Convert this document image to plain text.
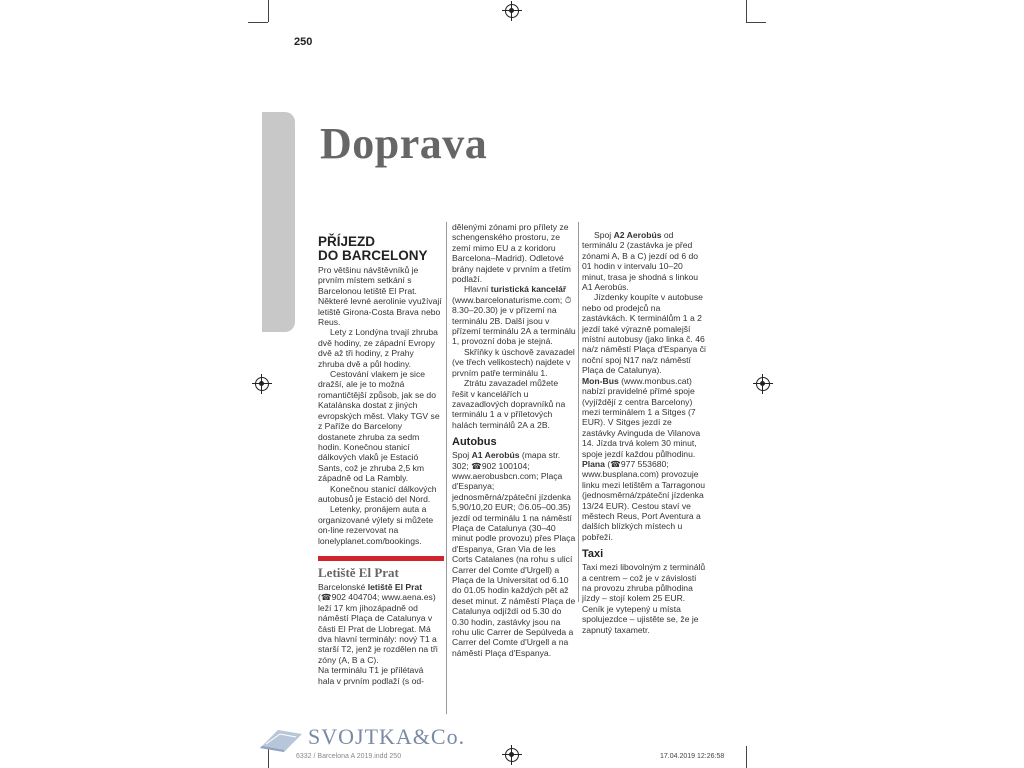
250
Doprava
PŘÍJEZD
DO BARCELONY

Pro většinu návštěvníků je prvním místem setkání s Barcelonou letiště El Prat. Některé levné aerolinie využívají letiště Girona-Costa Brava nebo Reus.

Lety z Londýna trvají zhruba dvě hodiny, ze západní Evropy dvě až tři hodiny, z Prahy zhruba dvě a půl hodiny.

Cestování vlakem je sice dražší, ale je to možná romantičtější způsob, jak se do Katalánska dostat z jiných evropských měst. Vlaky TGV se z Paříže do Barcelony dostanete zhruba za sedm hodin. Konečnou stanicí dálkových vlaků je Estació Sants, což je zhruba 2,5 km západně od La Rambly.

Konečnou stanicí dálkových autobusů je Estació del Nord.

Letenky, pronájem auta a organizované výlety si můžete on-line rezervovat na lonelyplanet.com/bookings.

Letiště El Prat

Barcelonské letiště El Prat (☎902 404704; www.aena.es) leží 17 km jihozápadně od náměstí Plaça de Catalunya v části El Prat de Llobregat. Má dva hlavní terminály: nový T1 a starší T2, jenž je rozdělen na tři zóny (A, B a C).

Na terminálu T1 je přílétavá hala v prvním podlaží (s od-

dělenými zónami pro přílety ze schengenského prostoru, ze zemí mimo EU a z koridoru Barcelona–Madrid). Odletové brány najdete v prvním a třetím podlaží.

Hlavní turistická kancelář (www.barcelonaturisme.com; ⏱8.30–20.30) je v přízemí na terminálu 2B. Další jsou v přízemí terminálu 2A a terminálu 1, provozní doba je stejná.

Skříňky k úschově zavazadel (ve třech velikostech) najdete v prvním patře terminálu 1.

Ztrátu zavazadel můžete řešit v kancelářích u zavazadlových dopravníků na terminálu 1 a v příletových halách terminálů 2A a 2B.

Autobus

Spoj A1 Aerobús (mapa str. 302; ☎902 100104; www.aerobusbcn.com; Plaça d'Espanya; jednosměrná/zpáteční jízdenka 5,90/10,20 EUR; ⏱6.05–00.35) jezdí od terminálu 1 na náměstí Plaça de Catalunya (30–40 minut podle provozu) přes Plaça d'Espanya, Gran Via de les Corts Catalanes (na rohu s ulicí Carrer del Comte d'Urgell) a Plaça de la Universitat od 6.10 do 01.05 hodin každých pět až deset minut. Z náměstí Plaça de Catalunya odjíždí od 5.30 do 0.30 hodin, zastávky jsou na rohu ulic Carrer de Sepúlveda a Carrer del Comte d'Urgell a na náměstí Plaça d'Espanya.

Spoj A2 Aerobús od terminálu 2 (zastávka je před zónami A, B a C) jezdí od 6 do 01 hodin v intervalu 10–20 minut, trasa je shodná s linkou A1 Aerobús.

Jízdenky koupíte v autobuse nebo od prodejců na zastávkách. K terminálům 1 a 2 jezdí také výrazně pomalejší místní autobusy (jako linka č. 46 na/z náměstí Plaça d'Espanya či noční spoj N17 na/z náměstí Plaça de Catalunya).

Mon-Bus (www.monbus.cat) nabízí pravidelné přímé spoje (vyjíždějí z centra Barcelony) mezi terminálem 1 a Sitges (7 EUR). V Sitges jezdí ze zastávky Avinguda de Vilanova 14. Jízda trvá kolem 30 minut, spoje jezdí každou půlhodinu.

Plana (☎977 553680; www.busplana.com) provozuje linku mezi letištěm a Tarragonou (jednosměrná/zpáteční jízdenka 13/24 EUR). Cestou staví ve městech Reus, Port Aventura a dalších blízkých místech u pobřeží.

Taxi

Taxi mezi libovolným z terminálů a centrem – což je v závislosti na provozu zhruba půlhodina jízdy – stojí kolem 25 EUR. Ceník je vytepený u místa spolujezdce – ujistěte se, že je zapnutý taxametr.

SVOJTKA&Co.
6332 / Barcelona A 2019.indd 250	17.04.2019 12:26:58
